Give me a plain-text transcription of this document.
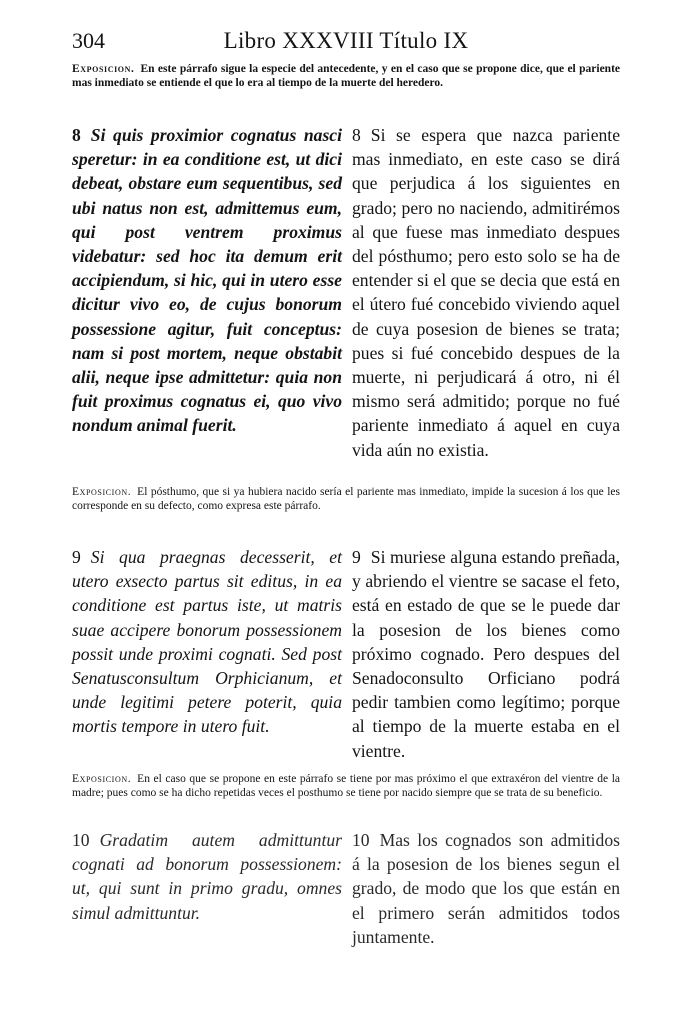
304	Libro XXXVIII Título IX
Exposicion. En este párrafo sigue la especie del antecedente, y en el caso que se propone dice, que el pariente mas inmediato se entiende el que lo era al tiempo de la muerte del heredero.
8 Si quis proximior cognatus nasci speretur: in ea conditione est, ut dici debeat, obstare eum sequentibus, sed ubi natus non est, admittemus eum, qui post ventrem proximus videbatur: sed hoc ita demum erit accipiendum, si hic, qui in utero esse dicitur vivo eo, de cujus bonorum possessione agitur, fuit conceptus: nam si post mortem, neque obstabit alii, neque ipse admittetur: quia non fuit proximus cognatus ei, quo vivo nondum animal fuerit.
8 Si se espera que nazca pariente mas inmediato, en este caso se dirá que perjudica á los siguientes en grado; pero no naciendo, admitirémos al que fuese mas inmediato despues del pósthumo; pero esto solo se ha de entender si el que se decia que está en el útero fué concebido viviendo aquel de cuya posesion de bienes se trata; pues si fué concebido despues de la muerte, ni perjudicará á otro, ni él mismo será admitido; porque no fué pariente inmediato á aquel en cuya vida aún no existia.
Exposicion. El pósthumo, que si ya hubiera nacido sería el pariente mas inmediato, impide la sucesion á los que les corresponde en su defecto, como expresa este párrafo.
9 Si qua praegnas decesserit, et utero exsecto partus sit editus, in ea conditione est partus iste, ut matris suae accipere bonorum possessionem possit unde proximi cognati. Sed post Senatusconsultum Orphicianum, et unde legitimi petere poterit, quia mortis tempore in utero fuit.
9 Si muriese alguna estando preñada, y abriendo el vientre se sacase el feto, está en estado de que se le puede dar la posesion de los bienes como próximo cognado. Pero despues del Senadoconsulto Orficiano podrá pedir tambien como legítimo; porque al tiempo de la muerte estaba en el vientre.
Exposicion. En el caso que se propone en este párrafo se tiene por mas próximo el que extraxéron del vientre de la madre; pues como se ha dicho repetidas veces el posthumo se tiene por nacido siempre que se trata de su beneficio.
10 Gradatim autem admittuntur cognati ad bonorum possessionem: ut, qui sunt in primo gradu, omnes simul admittuntur.
10 Mas los cognados son admitidos á la posesion de los bienes segun el grado, de modo que los que están en el primero serán admitidos todos juntamente.
